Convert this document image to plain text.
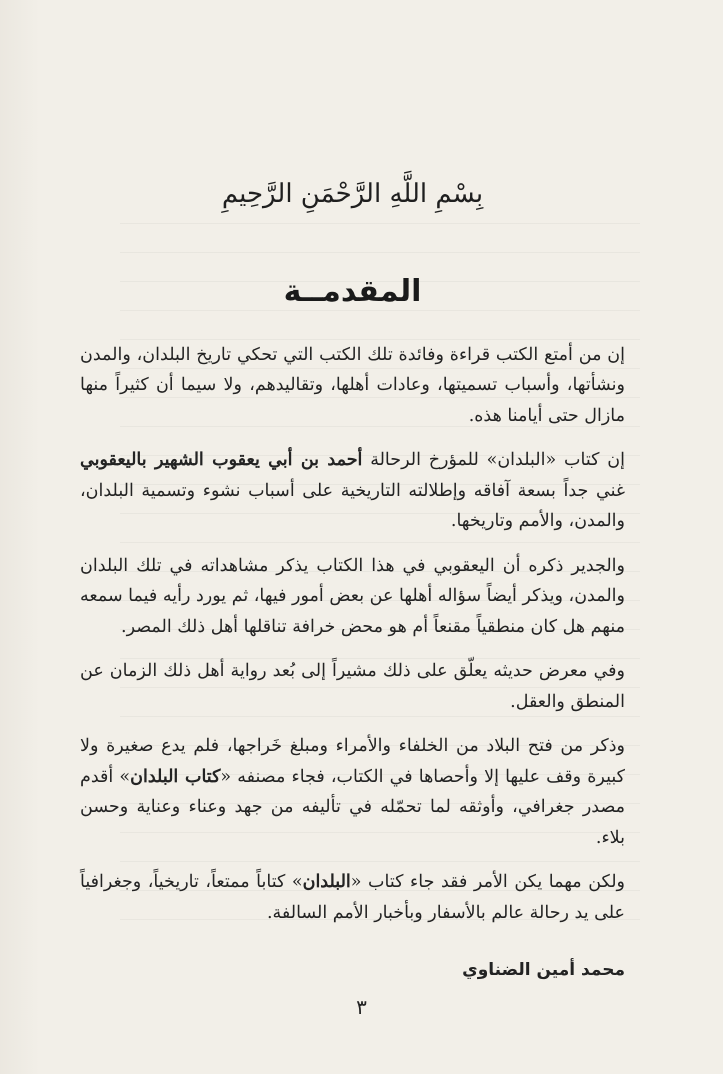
بِسْمِ اللَّهِ الرَّحْمَنِ الرَّحِيمِ
المقدمــة

إن من أمتع الكتب قراءة وفائدة تلك الكتب التي تحكي تاريخ البلدان، والمدن ونشأتها، وأسباب تسميتها، وعادات أهلها، وتقاليدهم، ولا سيما أن كثيراً منها مازال حتى أيامنا هذه.

إن كتاب «البلدان» للمؤرخ الرحالة أحمد بن أبي يعقوب الشهير باليعقوبي غني جداً بسعة آفاقه وإطلالته التاريخية على أسباب نشوء وتسمية البلدان، والمدن، والأمم وتاريخها.

والجدير ذكره أن اليعقوبي في هذا الكتاب يذكر مشاهداته في تلك البلدان والمدن، ويذكر أيضاً سؤاله أهلها عن بعض أمور فيها، ثم يورد رأيه فيما سمعه منهم هل كان منطقياً مقنعاً أم هو محض خرافة تناقلها أهل ذلك المصر.

وفي معرض حديثه يعلّق على ذلك مشيراً إلى بُعد رواية أهل ذلك الزمان عن المنطق والعقل.

وذكر من فتح البلاد من الخلفاء والأمراء ومبلغ خَراجها، فلم يدع صغيرة ولا كبيرة وقف عليها إلا وأحصاها في الكتاب، فجاء مصنفه «كتاب البلدان» أقدم مصدر جغرافي، وأوثقه لما تحمّله في تأليفه من جهد وعناء وعناية وحسن بلاء.

ولكن مهما يكن الأمر فقد جاء كتاب «البلدان» كتاباً ممتعاً، تاريخياً، وجغرافياً على يد رحالة عالم بالأسفار وبأخبار الأمم السالفة.

محمد أمين الضناوي
٣
